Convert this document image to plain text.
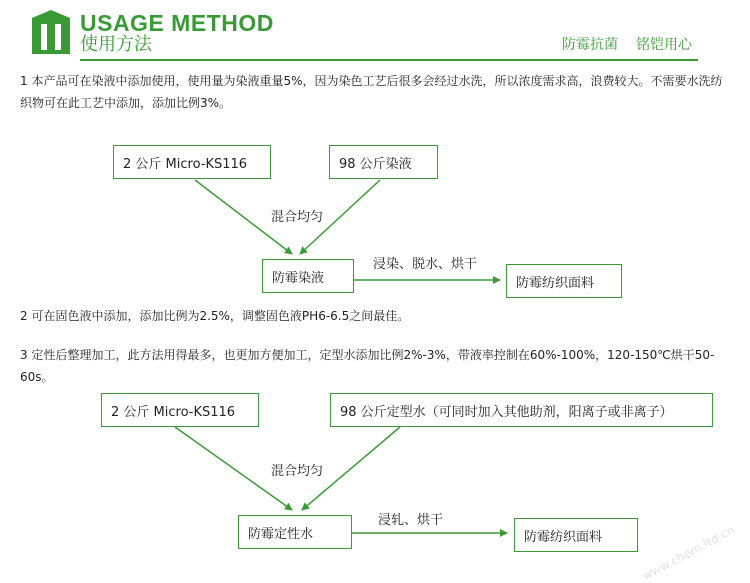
USAGE METHOD
使用方法	防霉抗菌 铭铠用心
1 本产品可在染液中添加使用，使用量为染液重量5%，因为染色工艺后很多会经过水洗，所以浓度需求高，浪费较大。不需要水洗纺织物可在此工艺中添加，添加比例3%。
2 可在固色液中添加，添加比例为2.5%，调整固色液PH6-6.5之间最佳。
3 定性后整理加工，此方法用得最多，也更加方便加工，定型水添加比例2%-3%，带液率控制在60%-100%，120-150℃烘干50-60s。
2 公斤 Micro-KS116	98 公斤染液
混合均匀
防霉染液
浸染、脱水、烘干
防霉纺织面料
2 公斤 Micro-KS116	98 公斤定型水（可同时加入其他助剂，阳离子或非离子）
混合均匀
防霉定性水
浸轧、烘干
防霉纺织面料	www.chem.ltd.cn
